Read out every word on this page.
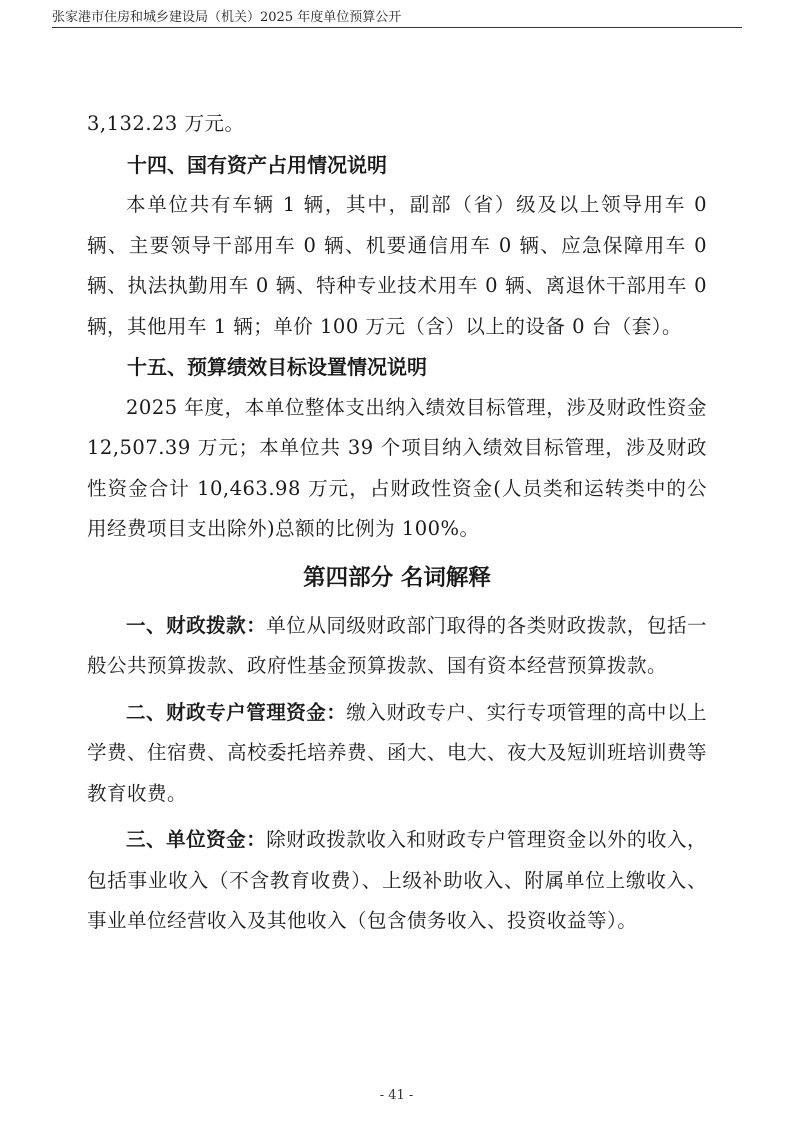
张家港市住房和城乡建设局（机关）2025 年度单位预算公开

3,132.23 万元。

十四、国有资产占用情况说明

本单位共有车辆 1 辆，其中，副部（省）级及以上领导用车 0 辆、主要领导干部用车 0 辆、机要通信用车 0 辆、应急保障用车 0 辆、执法执勤用车 0 辆、特种专业技术用车 0 辆、离退休干部用车 0 辆，其他用车 1 辆；单价 100 万元（含）以上的设备 0 台（套）。

十五、预算绩效目标设置情况说明

2025 年度，本单位整体支出纳入绩效目标管理，涉及财政性资金 12,507.39 万元；本单位共 39 个项目纳入绩效目标管理，涉及财政性资金合计 10,463.98 万元，占财政性资金(人员类和运转类中的公用经费项目支出除外)总额的比例为 100%。

第四部分 名词解释

一、财政拨款：单位从同级财政部门取得的各类财政拨款，包括一般公共预算拨款、政府性基金预算拨款、国有资本经营预算拨款。

二、财政专户管理资金：缴入财政专户、实行专项管理的高中以上学费、住宿费、高校委托培养费、函大、电大、夜大及短训班培训费等教育收费。

三、单位资金：除财政拨款收入和财政专户管理资金以外的收入，包括事业收入（不含教育收费）、上级补助收入、附属单位上缴收入、事业单位经营收入及其他收入（包含债务收入、投资收益等）。

- 41 -
